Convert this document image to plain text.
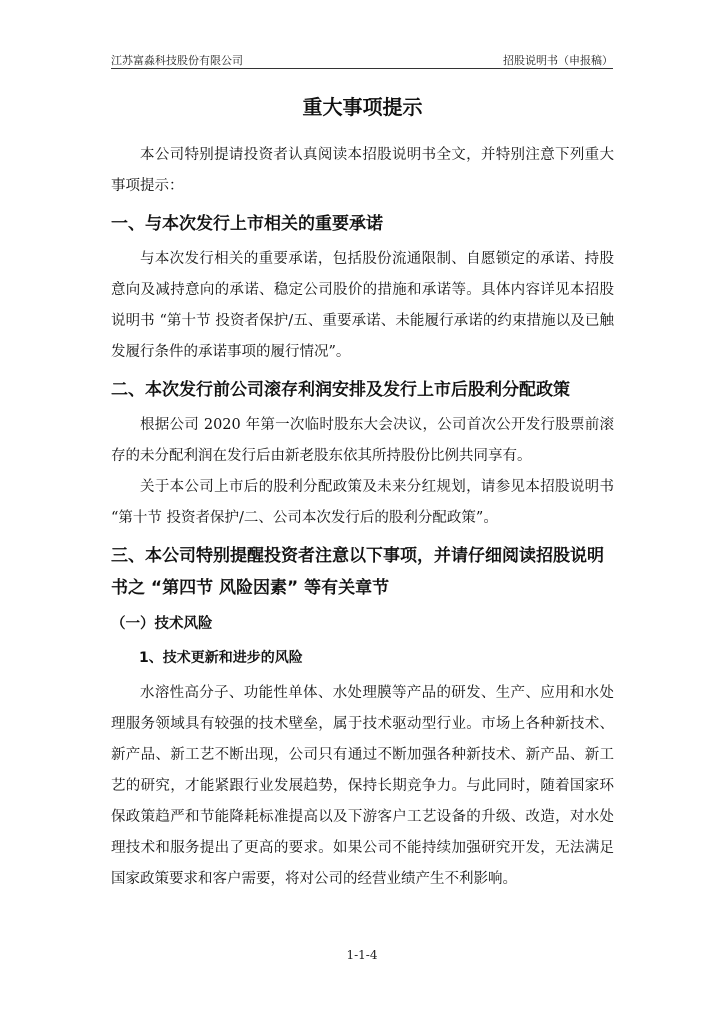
江苏富淼科技股份有限公司	招股说明书（申报稿）
重大事项提示

本公司特别提请投资者认真阅读本招股说明书全文，并特别注意下列重大事项提示：

一、与本次发行上市相关的重要承诺

与本次发行相关的重要承诺，包括股份流通限制、自愿锁定的承诺、持股意向及减持意向的承诺、稳定公司股价的措施和承诺等。具体内容详见本招股说明书 “第十节 投资者保护/五、重要承诺、未能履行承诺的约束措施以及已触发履行条件的承诺事项的履行情况”。

二、本次发行前公司滚存利润安排及发行上市后股利分配政策

根据公司 2020 年第一次临时股东大会决议，公司首次公开发行股票前滚存的未分配利润在发行后由新老股东依其所持股份比例共同享有。

关于本公司上市后的股利分配政策及未来分红规划，请参见本招股说明书 “第十节 投资者保护/二、公司本次发行后的股利分配政策”。

三、本公司特别提醒投资者注意以下事项，并请仔细阅读招股说明书之 “第四节 风险因素” 等有关章节
（一）技术风险
1、技术更新和进步的风险

水溶性高分子、功能性单体、水处理膜等产品的研发、生产、应用和水处理服务领域具有较强的技术壁垒，属于技术驱动型行业。市场上各种新技术、新产品、新工艺不断出现，公司只有通过不断加强各种新技术、新产品、新工艺的研究，才能紧跟行业发展趋势，保持长期竞争力。与此同时，随着国家环保政策趋严和节能降耗标准提高以及下游客户工艺设备的升级、改造，对水处理技术和服务提出了更高的要求。如果公司不能持续加强研究开发，无法满足国家政策要求和客户需要，将对公司的经营业绩产生不利影响。

1-1-4
